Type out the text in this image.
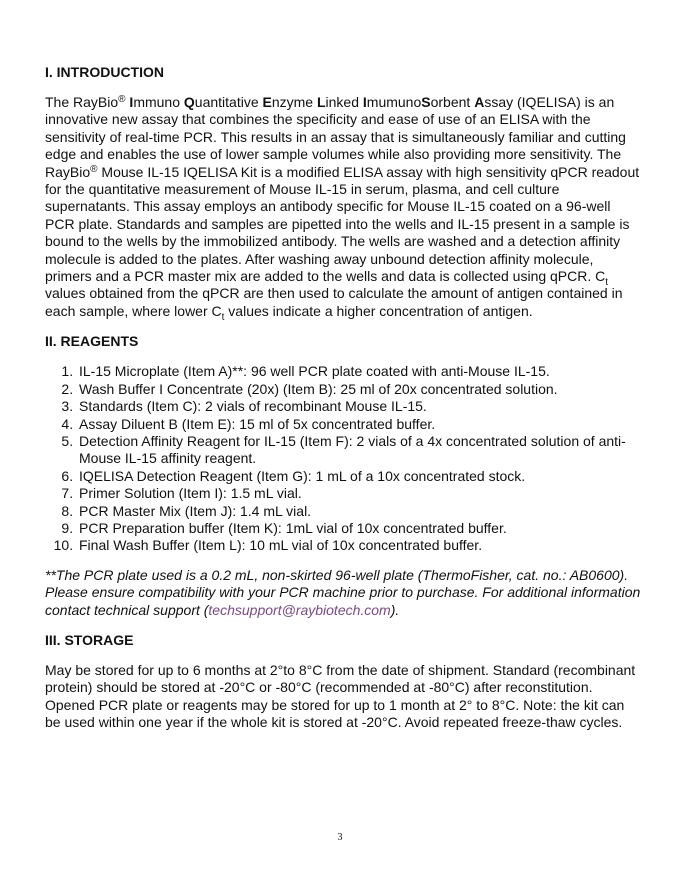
I. INTRODUCTION

The RayBio® Immuno Quantitative Enzyme Linked ImumunoSorbent Assay (IQELISA) is an innovative new assay that combines the specificity and ease of use of an ELISA with the sensitivity of real-time PCR. This results in an assay that is simultaneously familiar and cutting edge and enables the use of lower sample volumes while also providing more sensitivity. The RayBio® Mouse IL-15 IQELISA Kit is a modified ELISA assay with high sensitivity qPCR readout for the quantitative measurement of Mouse IL-15 in serum, plasma, and cell culture supernatants. This assay employs an antibody specific for Mouse IL-15 coated on a 96-well PCR plate. Standards and samples are pipetted into the wells and IL-15 present in a sample is bound to the wells by the immobilized antibody. The wells are washed and a detection affinity molecule is added to the plates. After washing away unbound detection affinity molecule, primers and a PCR master mix are added to the wells and data is collected using qPCR. $C_t$ values obtained from the qPCR are then used to calculate the amount of antigen contained in each sample, where lower $C_t$ values indicate a higher concentration of antigen.

II. REAGENTS
1. IL-15 Microplate (Item A)**: 96 well PCR plate coated with anti-Mouse IL-15.
2. Wash Buffer I Concentrate (20x) (Item B): 25 ml of 20x concentrated solution.
3. Standards (Item C): 2 vials of recombinant Mouse IL-15.
4. Assay Diluent B (Item E): 15 ml of 5x concentrated buffer.
5. Detection Affinity Reagent for IL-15 (Item F): 2 vials of a 4x concentrated solution of anti-Mouse IL-15 affinity reagent.
6. IQELISA Detection Reagent (Item G): 1 mL of a 10x concentrated stock.
7. Primer Solution (Item I): 1.5 mL vial.
8. PCR Master Mix (Item J): 1.4 mL vial.
9. PCR Preparation buffer (Item K): 1mL vial of 10x concentrated buffer.
10. Final Wash Buffer (Item L): 10 mL vial of 10x concentrated buffer.

**The PCR plate used is a 0.2 mL, non-skirted 96-well plate (ThermoFisher, cat. no.: AB0600). Please ensure compatibility with your PCR machine prior to purchase. For additional information contact technical support (techsupport@raybiotech.com).

III. STORAGE

May be stored for up to 6 months at 2°to 8°C from the date of shipment. Standard (recombinant protein) should be stored at -20°C or -80°C (recommended at -80°C) after reconstitution. Opened PCR plate or reagents may be stored for up to 1 month at 2° to 8°C. Note: the kit can be used within one year if the whole kit is stored at -20°C. Avoid repeated freeze-thaw cycles.

3
